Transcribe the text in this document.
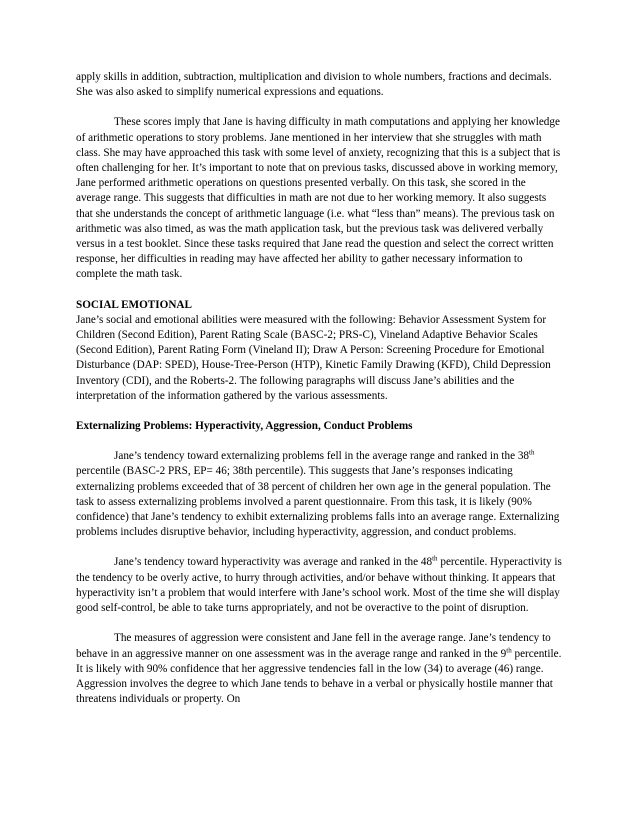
apply skills in addition, subtraction, multiplication and division to whole numbers, fractions and decimals. She was also asked to simplify numerical expressions and equations.

These scores imply that Jane is having difficulty in math computations and applying her knowledge of arithmetic operations to story problems. Jane mentioned in her interview that she struggles with math class. She may have approached this task with some level of anxiety, recognizing that this is a subject that is often challenging for her. It’s important to note that on previous tasks, discussed above in working memory, Jane performed arithmetic operations on questions presented verbally. On this task, she scored in the average range. This suggests that difficulties in math are not due to her working memory. It also suggests that she understands the concept of arithmetic language (i.e. what “less than” means). The previous task on arithmetic was also timed, as was the math application task, but the previous task was delivered verbally versus in a test booklet. Since these tasks required that Jane read the question and select the correct written response, her difficulties in reading may have affected her ability to gather necessary information to complete the math task.

SOCIAL EMOTIONAL

Jane’s social and emotional abilities were measured with the following: Behavior Assessment System for Children (Second Edition), Parent Rating Scale (BASC-2; PRS-C), Vineland Adaptive Behavior Scales (Second Edition), Parent Rating Form (Vineland II); Draw A Person: Screening Procedure for Emotional Disturbance (DAP: SPED), House-Tree-Person (HTP), Kinetic Family Drawing (KFD), Child Depression Inventory (CDI), and the Roberts-2. The following paragraphs will discuss Jane’s abilities and the interpretation of the information gathered by the various assessments.

Externalizing Problems: Hyperactivity, Aggression, Conduct Problems

Jane’s tendency toward externalizing problems fell in the average range and ranked in the 38th percentile (BASC-2 PRS, EP= 46; 38th percentile). This suggests that Jane’s responses indicating externalizing problems exceeded that of 38 percent of children her own age in the general population. The task to assess externalizing problems involved a parent questionnaire. From this task, it is likely (90% confidence) that Jane’s tendency to exhibit externalizing problems falls into an average range. Externalizing problems includes disruptive behavior, including hyperactivity, aggression, and conduct problems.

Jane’s tendency toward hyperactivity was average and ranked in the 48th percentile. Hyperactivity is the tendency to be overly active, to hurry through activities, and/or behave without thinking. It appears that hyperactivity isn’t a problem that would interfere with Jane’s school work. Most of the time she will display good self-control, be able to take turns appropriately, and not be overactive to the point of disruption.

The measures of aggression were consistent and Jane fell in the average range. Jane’s tendency to behave in an aggressive manner on one assessment was in the average range and ranked in the 9th percentile. It is likely with 90% confidence that her aggressive tendencies fall in the low (34) to average (46) range. Aggression involves the degree to which Jane tends to behave in a verbal or physically hostile manner that threatens individuals or property. On
